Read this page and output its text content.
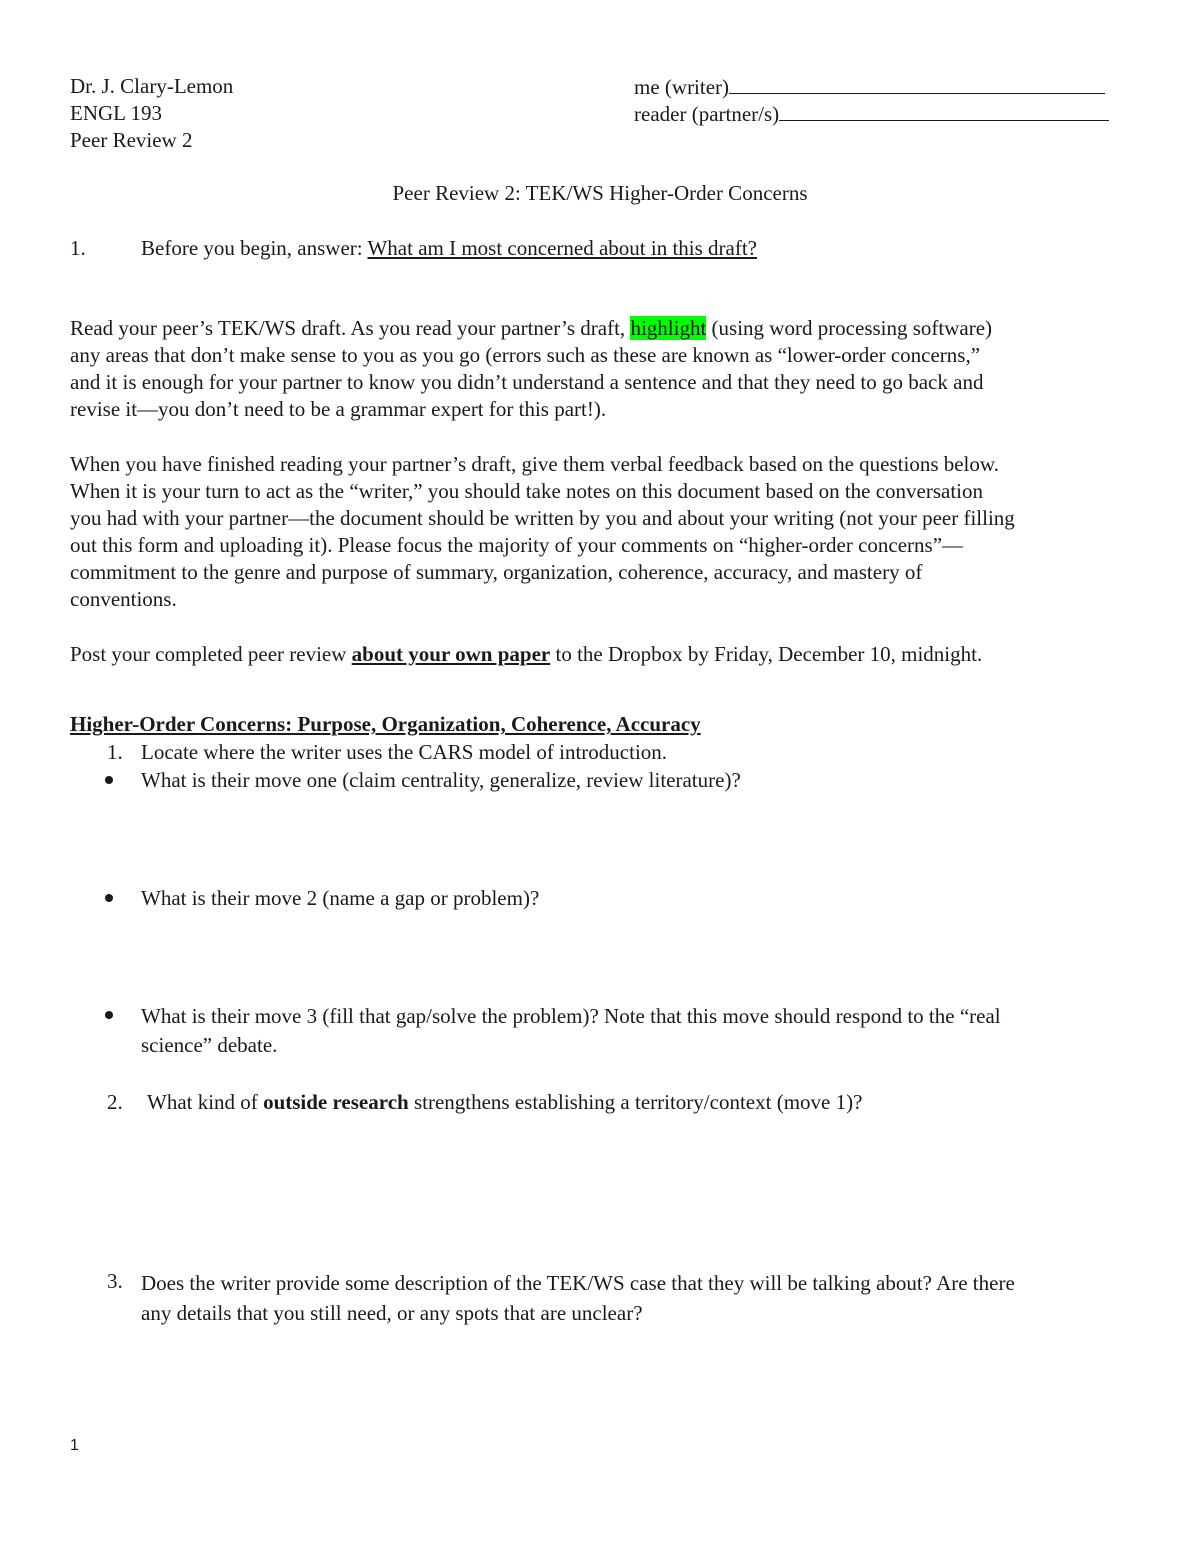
Dr. J. Clary-Lemon
ENGL 193
Peer Review 2
me (writer)
reader (partner/s)
Peer Review 2: TEK/WS Higher-Order Concerns
1.	Before you begin, answer: What am I most concerned about in this draft?
Read your peer’s TEK/WS draft. As you read your partner’s draft, highlight (using word processing software)
any areas that don’t make sense to you as you go (errors such as these are known as “lower-order concerns,”
and it is enough for your partner to know you didn’t understand a sentence and that they need to go back and
revise it—you don’t need to be a grammar expert for this part!).
When you have finished reading your partner’s draft, give them verbal feedback based on the questions below.
When it is your turn to act as the “writer,” you should take notes on this document based on the conversation
you had with your partner—the document should be written by you and about your writing (not your peer filling
out this form and uploading it). Please focus the majority of your comments on “higher-order concerns”—
commitment to the genre and purpose of summary, organization, coherence, accuracy, and mastery of
conventions.
Post your completed peer review about your own paper to the Dropbox by Friday, December 10, midnight.
Higher-Order Concerns: Purpose, Organization, Coherence, Accuracy
1. Locate where the writer uses the CARS model of introduction.
What is their move one (claim centrality, generalize, review literature)?
What is their move 2 (name a gap or problem)?
What is their move 3 (fill that gap/solve the problem)? Note that this move should respond to the “real
science” debate.
2. What kind of outside research strengthens establishing a territory/context (move 1)?
3. Does the writer provide some description of the TEK/WS case that they will be talking about? Are there
any details that you still need, or any spots that are unclear?
1
